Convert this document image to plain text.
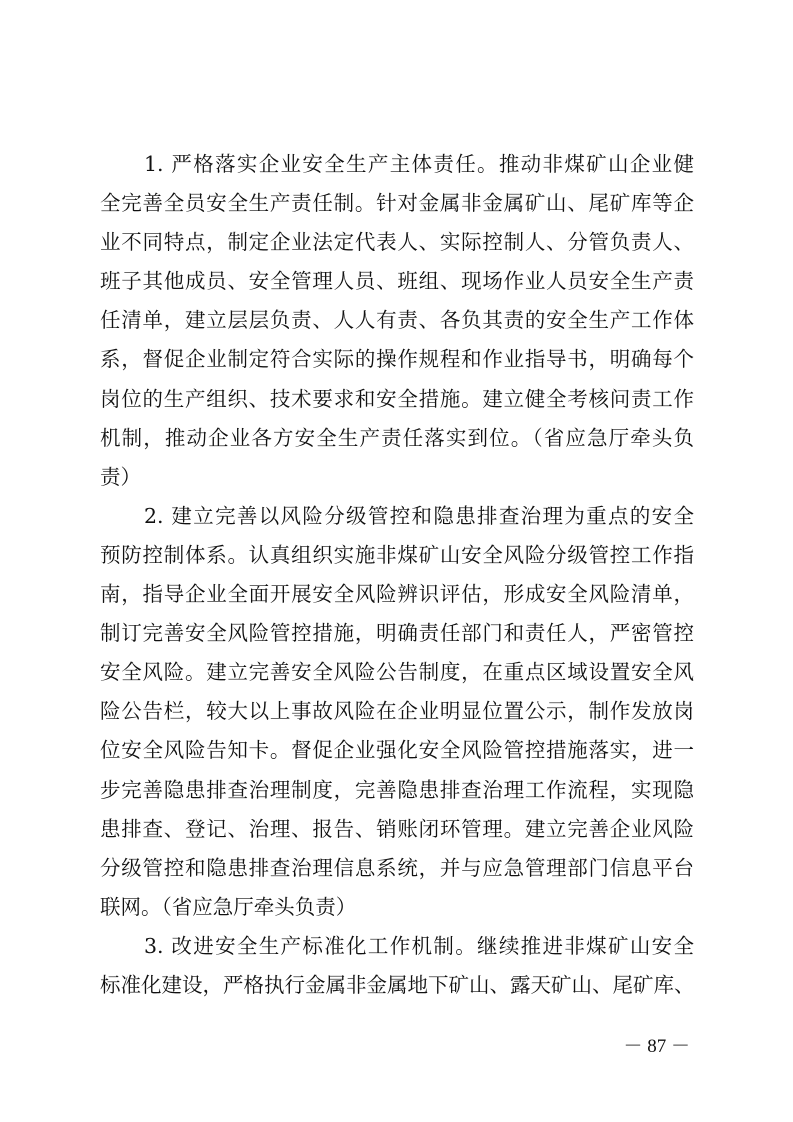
1. 严格落实企业安全生产主体责任。推动非煤矿山企业健
全完善全员安全生产责任制。针对金属非金属矿山、尾矿库等企
业不同特点，制定企业法定代表人、实际控制人、分管负责人、
班子其他成员、安全管理人员、班组、现场作业人员安全生产责
任清单，建立层层负责、人人有责、各负其责的安全生产工作体
系，督促企业制定符合实际的操作规程和作业指导书，明确每个
岗位的生产组织、技术要求和安全措施。建立健全考核问责工作
机制，推动企业各方安全生产责任落实到位。（省应急厅牵头负
责）
2. 建立完善以风险分级管控和隐患排查治理为重点的安全
预防控制体系。认真组织实施非煤矿山安全风险分级管控工作指
南，指导企业全面开展安全风险辨识评估，形成安全风险清单，
制订完善安全风险管控措施，明确责任部门和责任人，严密管控
安全风险。建立完善安全风险公告制度，在重点区域设置安全风
险公告栏，较大以上事故风险在企业明显位置公示，制作发放岗
位安全风险告知卡。督促企业强化安全风险管控措施落实，进一
步完善隐患排查治理制度，完善隐患排查治理工作流程，实现隐
患排查、登记、治理、报告、销账闭环管理。建立完善企业风险
分级管控和隐患排查治理信息系统，并与应急管理部门信息平台
联网。（省应急厅牵头负责）
3. 改进安全生产标准化工作机制。继续推进非煤矿山安全
标准化建设，严格执行金属非金属地下矿山、露天矿山、尾矿库、
－ 87 －
